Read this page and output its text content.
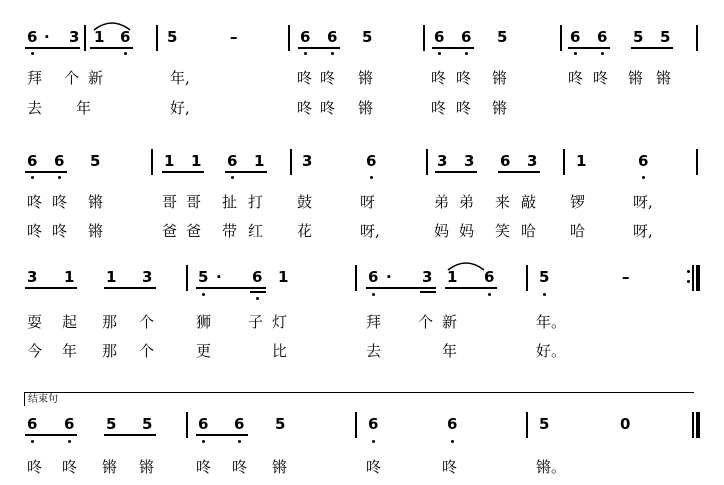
6 · 3 1 6 5	–	6 6 5	6 6 5	6 6 5 5
拜 个 新	年,	咚 咚 锵	咚 咚 锵	咚 咚 锵 锵
去 年	好,	咚 咚 锵	咚 咚 锵
6 6 5	1 1 6 1	3	6	3 3 6 3	1	6
咚 咚 锵	哥 哥 扯 打 鼓	呀	弟 弟 来 敲 锣	呀,
咚 咚 锵	爸 爸 带 红 花	呀,	妈 妈 笑 哈 哈	呀,
3 1 1 3	5 · 6 1	6 · 3 1 6	5	–
耍 起 那 个	狮 子 灯	拜 个 新	年。
今 年 那 个	更	比	去	年	好。
结束句
6 6 5 5	6 6 5	6	6	5	0
咚 咚 锵 锵	咚 咚 锵	咚	咚	锵。
